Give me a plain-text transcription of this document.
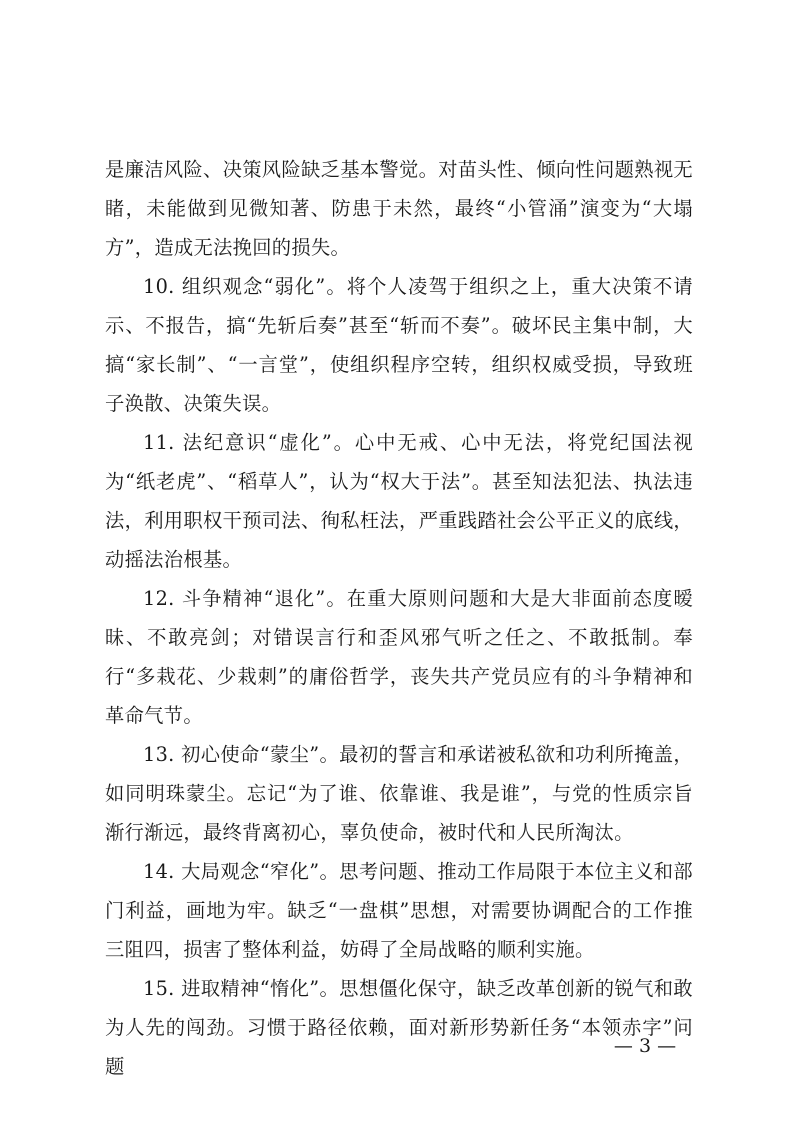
是廉洁风险、决策风险缺乏基本警觉。对苗头性、倾向性问题熟视无睹，未能做到见微知著、防患于未然，最终“小管涌”演变为“大塌方”，造成无法挽回的损失。

10. 组织观念“弱化”。将个人凌驾于组织之上，重大决策不请示、不报告，搞“先斩后奏”甚至“斩而不奏”。破坏民主集中制，大搞“家长制”、“一言堂”，使组织程序空转，组织权威受损，导致班子涣散、决策失误。

11. 法纪意识“虚化”。心中无戒、心中无法，将党纪国法视为“纸老虎”、“稻草人”，认为“权大于法”。甚至知法犯法、执法违法，利用职权干预司法、徇私枉法，严重践踏社会公平正义的底线，动摇法治根基。

12. 斗争精神“退化”。在重大原则问题和大是大非面前态度暧昧、不敢亮剑；对错误言行和歪风邪气听之任之、不敢抵制。奉行“多栽花、少栽刺”的庸俗哲学，丧失共产党员应有的斗争精神和革命气节。

13. 初心使命“蒙尘”。最初的誓言和承诺被私欲和功利所掩盖，如同明珠蒙尘。忘记“为了谁、依靠谁、我是谁”，与党的性质宗旨渐行渐远，最终背离初心，辜负使命，被时代和人民所淘汰。

14. 大局观念“窄化”。思考问题、推动工作局限于本位主义和部门利益，画地为牢。缺乏“一盘棋”思想，对需要协调配合的工作推三阻四，损害了整体利益，妨碍了全局战略的顺利实施。

15. 进取精神“惰化”。思想僵化保守，缺乏改革创新的锐气和敢为人先的闯劲。习惯于路径依赖，面对新形势新任务“本领赤字”问题

— 3 —
